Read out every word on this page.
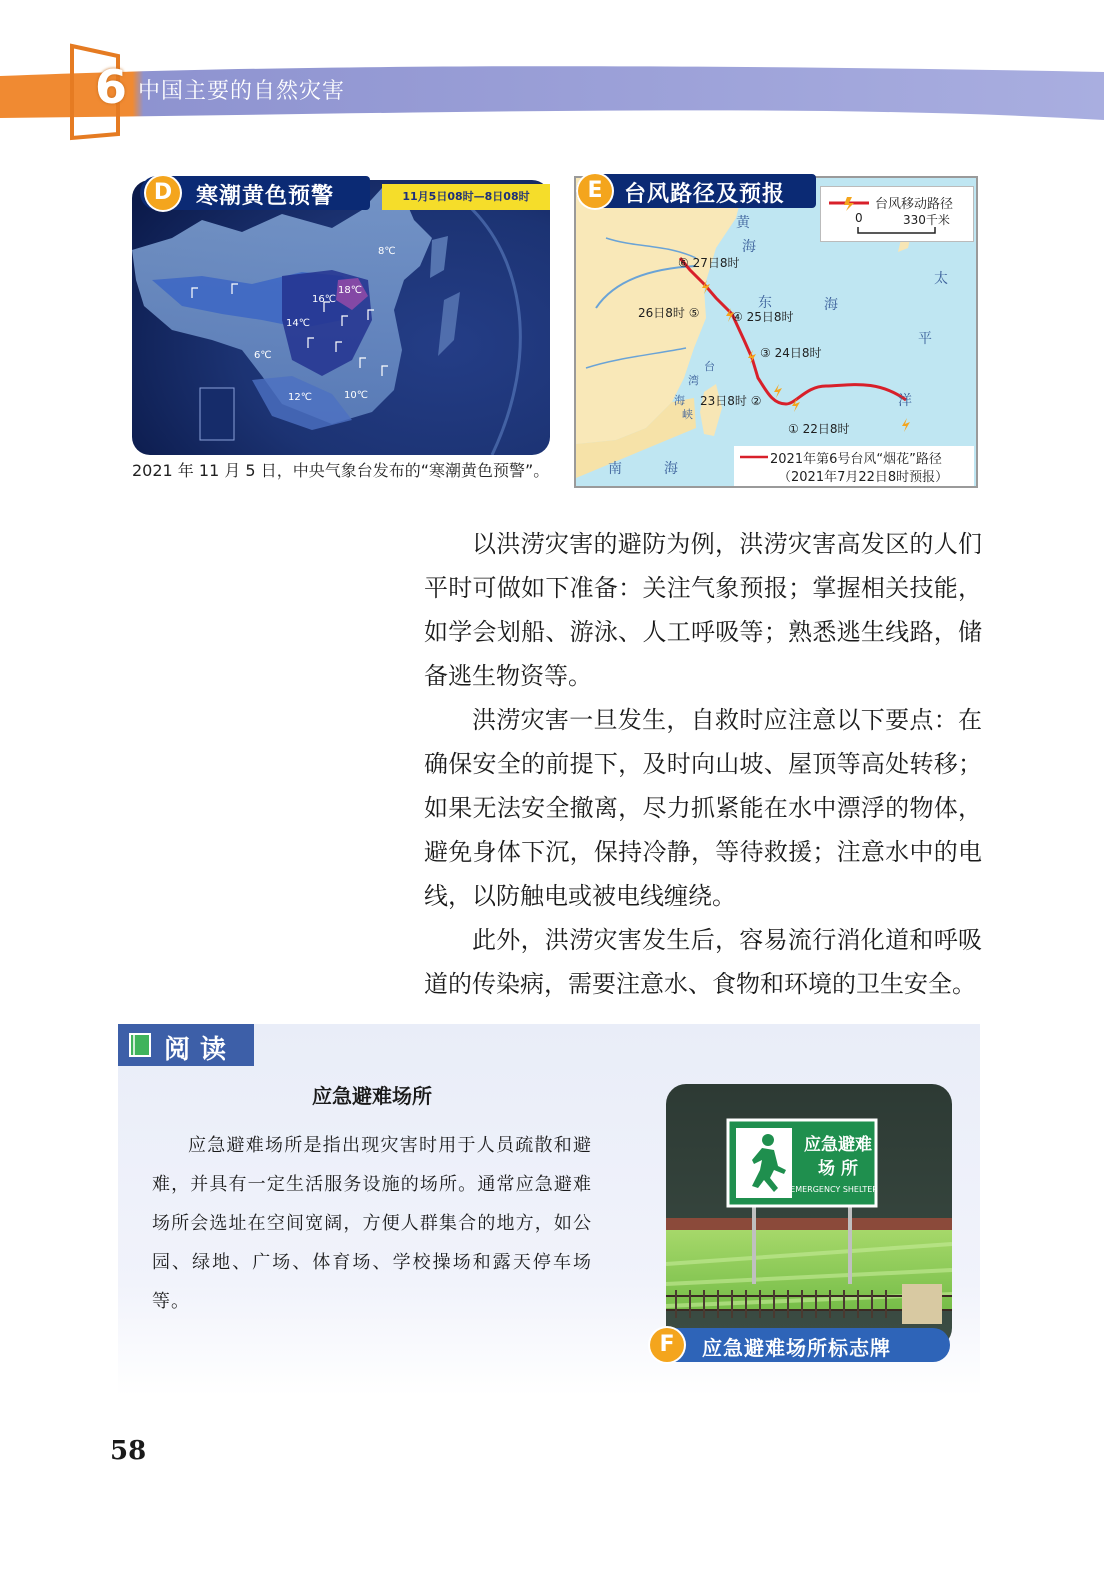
6 中国主要的自然灾害
8℃
18℃
16℃
14℃
6℃
12℃	10℃
D	寒潮黄色预警	11月5日08时—8日08时
2021 年 11 月 5 日，中央气象台发布的“寒潮黄色预警”。
⑥ 27日8时
26日8时 ⑤	④ 25日8时
③ 24日8时
23日8时 ②
① 22日8时
黄
海
东	海
太
平
洋
南	海
台
湾
海
峡
E 台风路径及预报	台风移动路径
0	330千米
2021年第6号台风“烟花”路径
（2021年7月22日8时预报）

以洪涝灾害的避防为例，洪涝灾害高发区的人们平时可做如下准备：关注气象预报；掌握相关技能，如学会划船、游泳、人工呼吸等；熟悉逃生线路，储备逃生物资等。

洪涝灾害一旦发生，自救时应注意以下要点：在确保安全的前提下，及时向山坡、屋顶等高处转移；如果无法安全撤离，尽力抓紧能在水中漂浮的物体，避免身体下沉，保持冷静，等待救援；注意水中的电线，以防触电或被电线缠绕。

此外，洪涝灾害发生后，容易流行消化道和呼吸道的传染病，需要注意水、食物和环境的卫生安全。

阅读
应急避难场所

应急避难场所是指出现灾害时用于人员疏散和避难，并具有一定生活服务设施的场所。通常应急避难场所会选址在空间宽阔，方便人群集合的地方，如公园、绿地、广场、体育场、学校操场和露天停车场等。

应急避难
场 所
EMERGENCY SHELTER
F	应急避难场所标志牌
58
